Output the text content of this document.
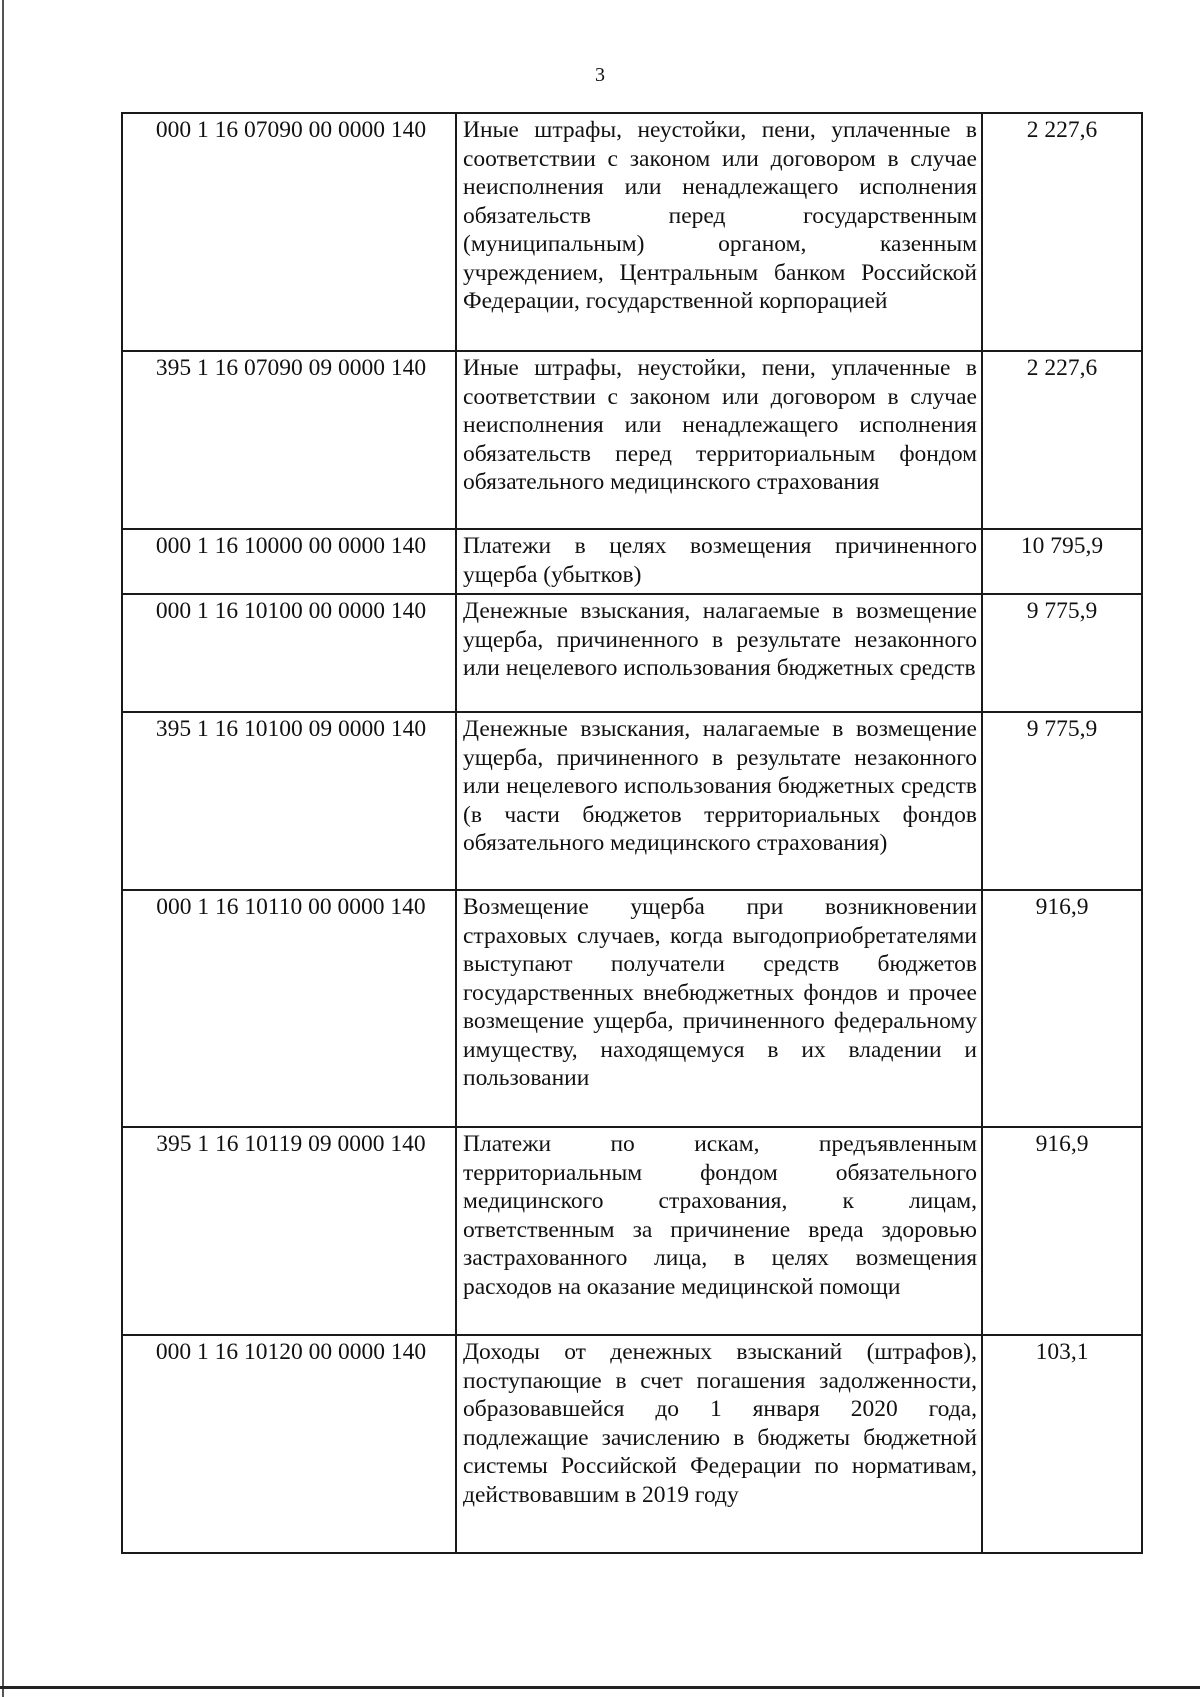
3
000 1 16 07090 00 0000 140	Иные штрафы, неустойки, пени, уплаченные в соответствии с законом или договором в случае неисполнения или ненадлежащего исполнения обязательств перед государственным (муниципальным) органом, казенным учреждением, Центральным банком Российской Федерации, государственной корпорацией	2 227,6
395 1 16 07090 09 0000 140	Иные штрафы, неустойки, пени, уплаченные в соответствии с законом или договором в случае неисполнения или ненадлежащего исполнения обязательств перед территориальным фондом обязательного медицинского страхования	2 227,6
000 1 16 10000 00 0000 140	Платежи в целях возмещения причиненного ущерба (убытков)	10 795,9
000 1 16 10100 00 0000 140	Денежные взыскания, налагаемые в возмещение ущерба, причиненного в результате незаконного или нецелевого использования бюджетных средств	9 775,9
395 1 16 10100 09 0000 140	Денежные взыскания, налагаемые в возмещение ущерба, причиненного в результате незаконного или нецелевого использования бюджетных средств (в части бюджетов территориальных фондов обязательного медицинского страхования)	9 775,9
000 1 16 10110 00 0000 140	Возмещение ущерба при возникновении страховых случаев, когда выгодоприобретателями выступают получатели средств бюджетов государственных внебюджетных фондов и прочее возмещение ущерба, причиненного федеральному имуществу, находящемуся в их владении и пользовании	916,9
395 1 16 10119 09 0000 140	Платежи по искам, предъявленным территориальным фондом обязательного медицинского страхования, к лицам, ответственным за причинение вреда здоровью застрахованного лица, в целях возмещения расходов на оказание медицинской помощи	916,9
000 1 16 10120 00 0000 140	Доходы от денежных взысканий (штрафов), поступающие в счет погашения задолженности, образовавшейся до 1 января 2020 года, подлежащие зачислению в бюджеты бюджетной системы Российской Федерации по нормативам, действовавшим в 2019 году	103,1
